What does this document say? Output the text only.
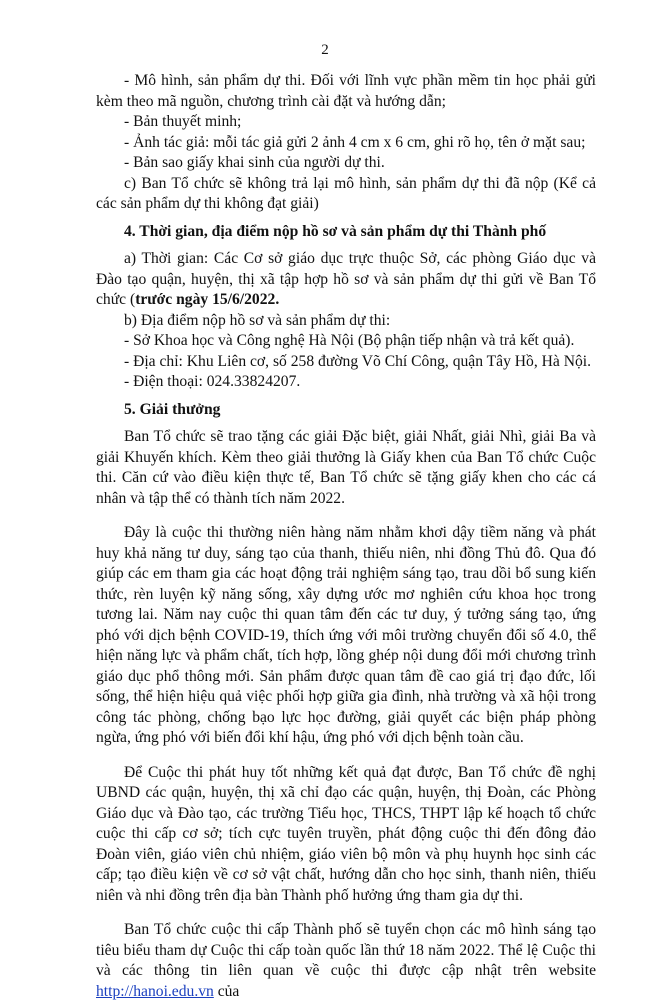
2

- Mô hình, sản phẩm dự thi. Đối với lĩnh vực phần mềm tin học phải gửi kèm theo mã nguồn, chương trình cài đặt và hướng dẫn;

- Bản thuyết minh;

- Ảnh tác giả: mỗi tác giả gửi 2 ảnh 4 cm x 6 cm, ghi rõ họ, tên ở mặt sau;

- Bản sao giấy khai sinh của người dự thi.

c) Ban Tổ chức sẽ không trả lại mô hình, sản phẩm dự thi đã nộp (Kể cả các sản phẩm dự thi không đạt giải)

4. Thời gian, địa điểm nộp hồ sơ và sản phẩm dự thi Thành phố

a) Thời gian: Các Cơ sở giáo dục trực thuộc Sở, các phòng Giáo dục và Đào tạo quận, huyện, thị xã tập hợp hồ sơ và sản phẩm dự thi gửi về Ban Tổ chức (trước ngày 15/6/2022.

b) Địa điểm nộp hồ sơ và sản phẩm dự thi:

- Sở Khoa học và Công nghệ Hà Nội (Bộ phận tiếp nhận và trả kết quả).

- Địa chỉ: Khu Liên cơ, số 258 đường Võ Chí Công, quận Tây Hồ, Hà Nội.

- Điện thoại: 024.33824207.

5. Giải thưởng

Ban Tổ chức sẽ trao tặng các giải Đặc biệt, giải Nhất, giải Nhì, giải Ba và giải Khuyến khích. Kèm theo giải thưởng là Giấy khen của Ban Tổ chức Cuộc thi. Căn cứ vào điều kiện thực tế, Ban Tổ chức sẽ tặng giấy khen cho các cá nhân và tập thể có thành tích năm 2022.

Đây là cuộc thi thường niên hàng năm nhằm khơi dậy tiềm năng và phát huy khả năng tư duy, sáng tạo của thanh, thiếu niên, nhi đồng Thủ đô. Qua đó giúp các em tham gia các hoạt động trải nghiệm sáng tạo, trau dồi bổ sung kiến thức, rèn luyện kỹ năng sống, xây dựng ước mơ nghiên cứu khoa học trong tương lai. Năm nay cuộc thi quan tâm đến các tư duy, ý tưởng sáng tạo, ứng phó với dịch bệnh COVID-19, thích ứng với môi trường chuyển đổi số 4.0, thể hiện năng lực và phẩm chất, tích hợp, lồng ghép nội dung đổi mới chương trình giáo dục phổ thông mới. Sản phẩm được quan tâm đề cao giá trị đạo đức, lối sống, thể hiện hiệu quả việc phối hợp giữa gia đình, nhà trường và xã hội trong công tác phòng, chống bạo lực học đường, giải quyết các biện pháp phòng ngừa, ứng phó với biến đổi khí hậu, ứng phó với dịch bệnh toàn cầu.

Để Cuộc thi phát huy tốt những kết quả đạt được, Ban Tổ chức đề nghị UBND các quận, huyện, thị xã chỉ đạo các quận, huyện, thị Đoàn, các Phòng Giáo dục và Đào tạo, các trường Tiểu học, THCS, THPT lập kế hoạch tổ chức cuộc thi cấp cơ sở; tích cực tuyên truyền, phát động cuộc thi đến đông đảo Đoàn viên, giáo viên chủ nhiệm, giáo viên bộ môn và phụ huynh học sinh các cấp; tạo điều kiện về cơ sở vật chất, hướng dẫn cho học sinh, thanh niên, thiếu niên và nhi đồng trên địa bàn Thành phố hưởng ứng tham gia dự thi.

Ban Tổ chức cuộc thi cấp Thành phố sẽ tuyển chọn các mô hình sáng tạo tiêu biểu tham dự Cuộc thi cấp toàn quốc lần thứ 18 năm 2022. Thể lệ Cuộc thi và các thông tin liên quan về cuộc thi được cập nhật trên website http://hanoi.edu.vn của
